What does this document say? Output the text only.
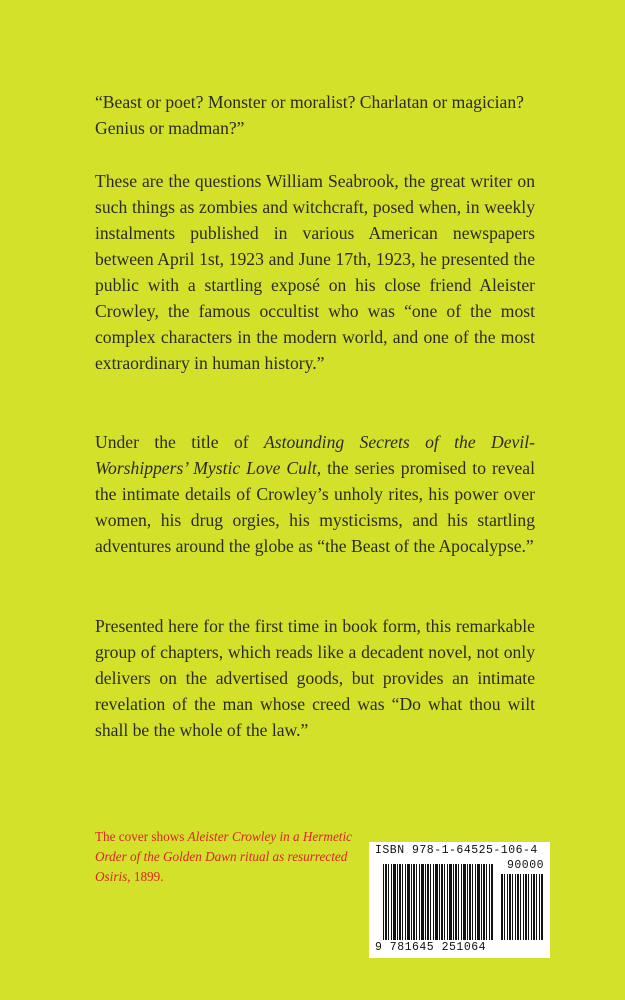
“Beast or poet? Monster or moralist? Charlatan or magician? Genius or madman?”

These are the questions William Seabrook, the great writer on such things as zombies and witchcraft, posed when, in weekly instalments published in various American newspapers between April 1st, 1923 and June 17th, 1923, he presented the public with a startling exposé on his close friend Aleister Crowley, the famous occultist who was “one of the most complex characters in the modern world, and one of the most extraordinary in human history.”

Under the title of Astounding Secrets of the Devil-Worshippers’ Mystic Love Cult, the series promised to reveal the intimate details of Crowley’s unholy rites, his power over women, his drug orgies, his mysticisms, and his startling adventures around the globe as “the Beast of the Apocalypse.”

Presented here for the first time in book form, this remarkable group of chapters, which reads like a decadent novel, not only delivers on the advertised goods, but provides an intimate revelation of the man whose creed was “Do what thou wilt shall be the whole of the law.”

The cover shows Aleister Crowley in a Hermetic Order of the Golden Dawn ritual as resurrected Osiris, 1899.

ISBN 978-1-64525-106-4
90000
9 781645 251064
